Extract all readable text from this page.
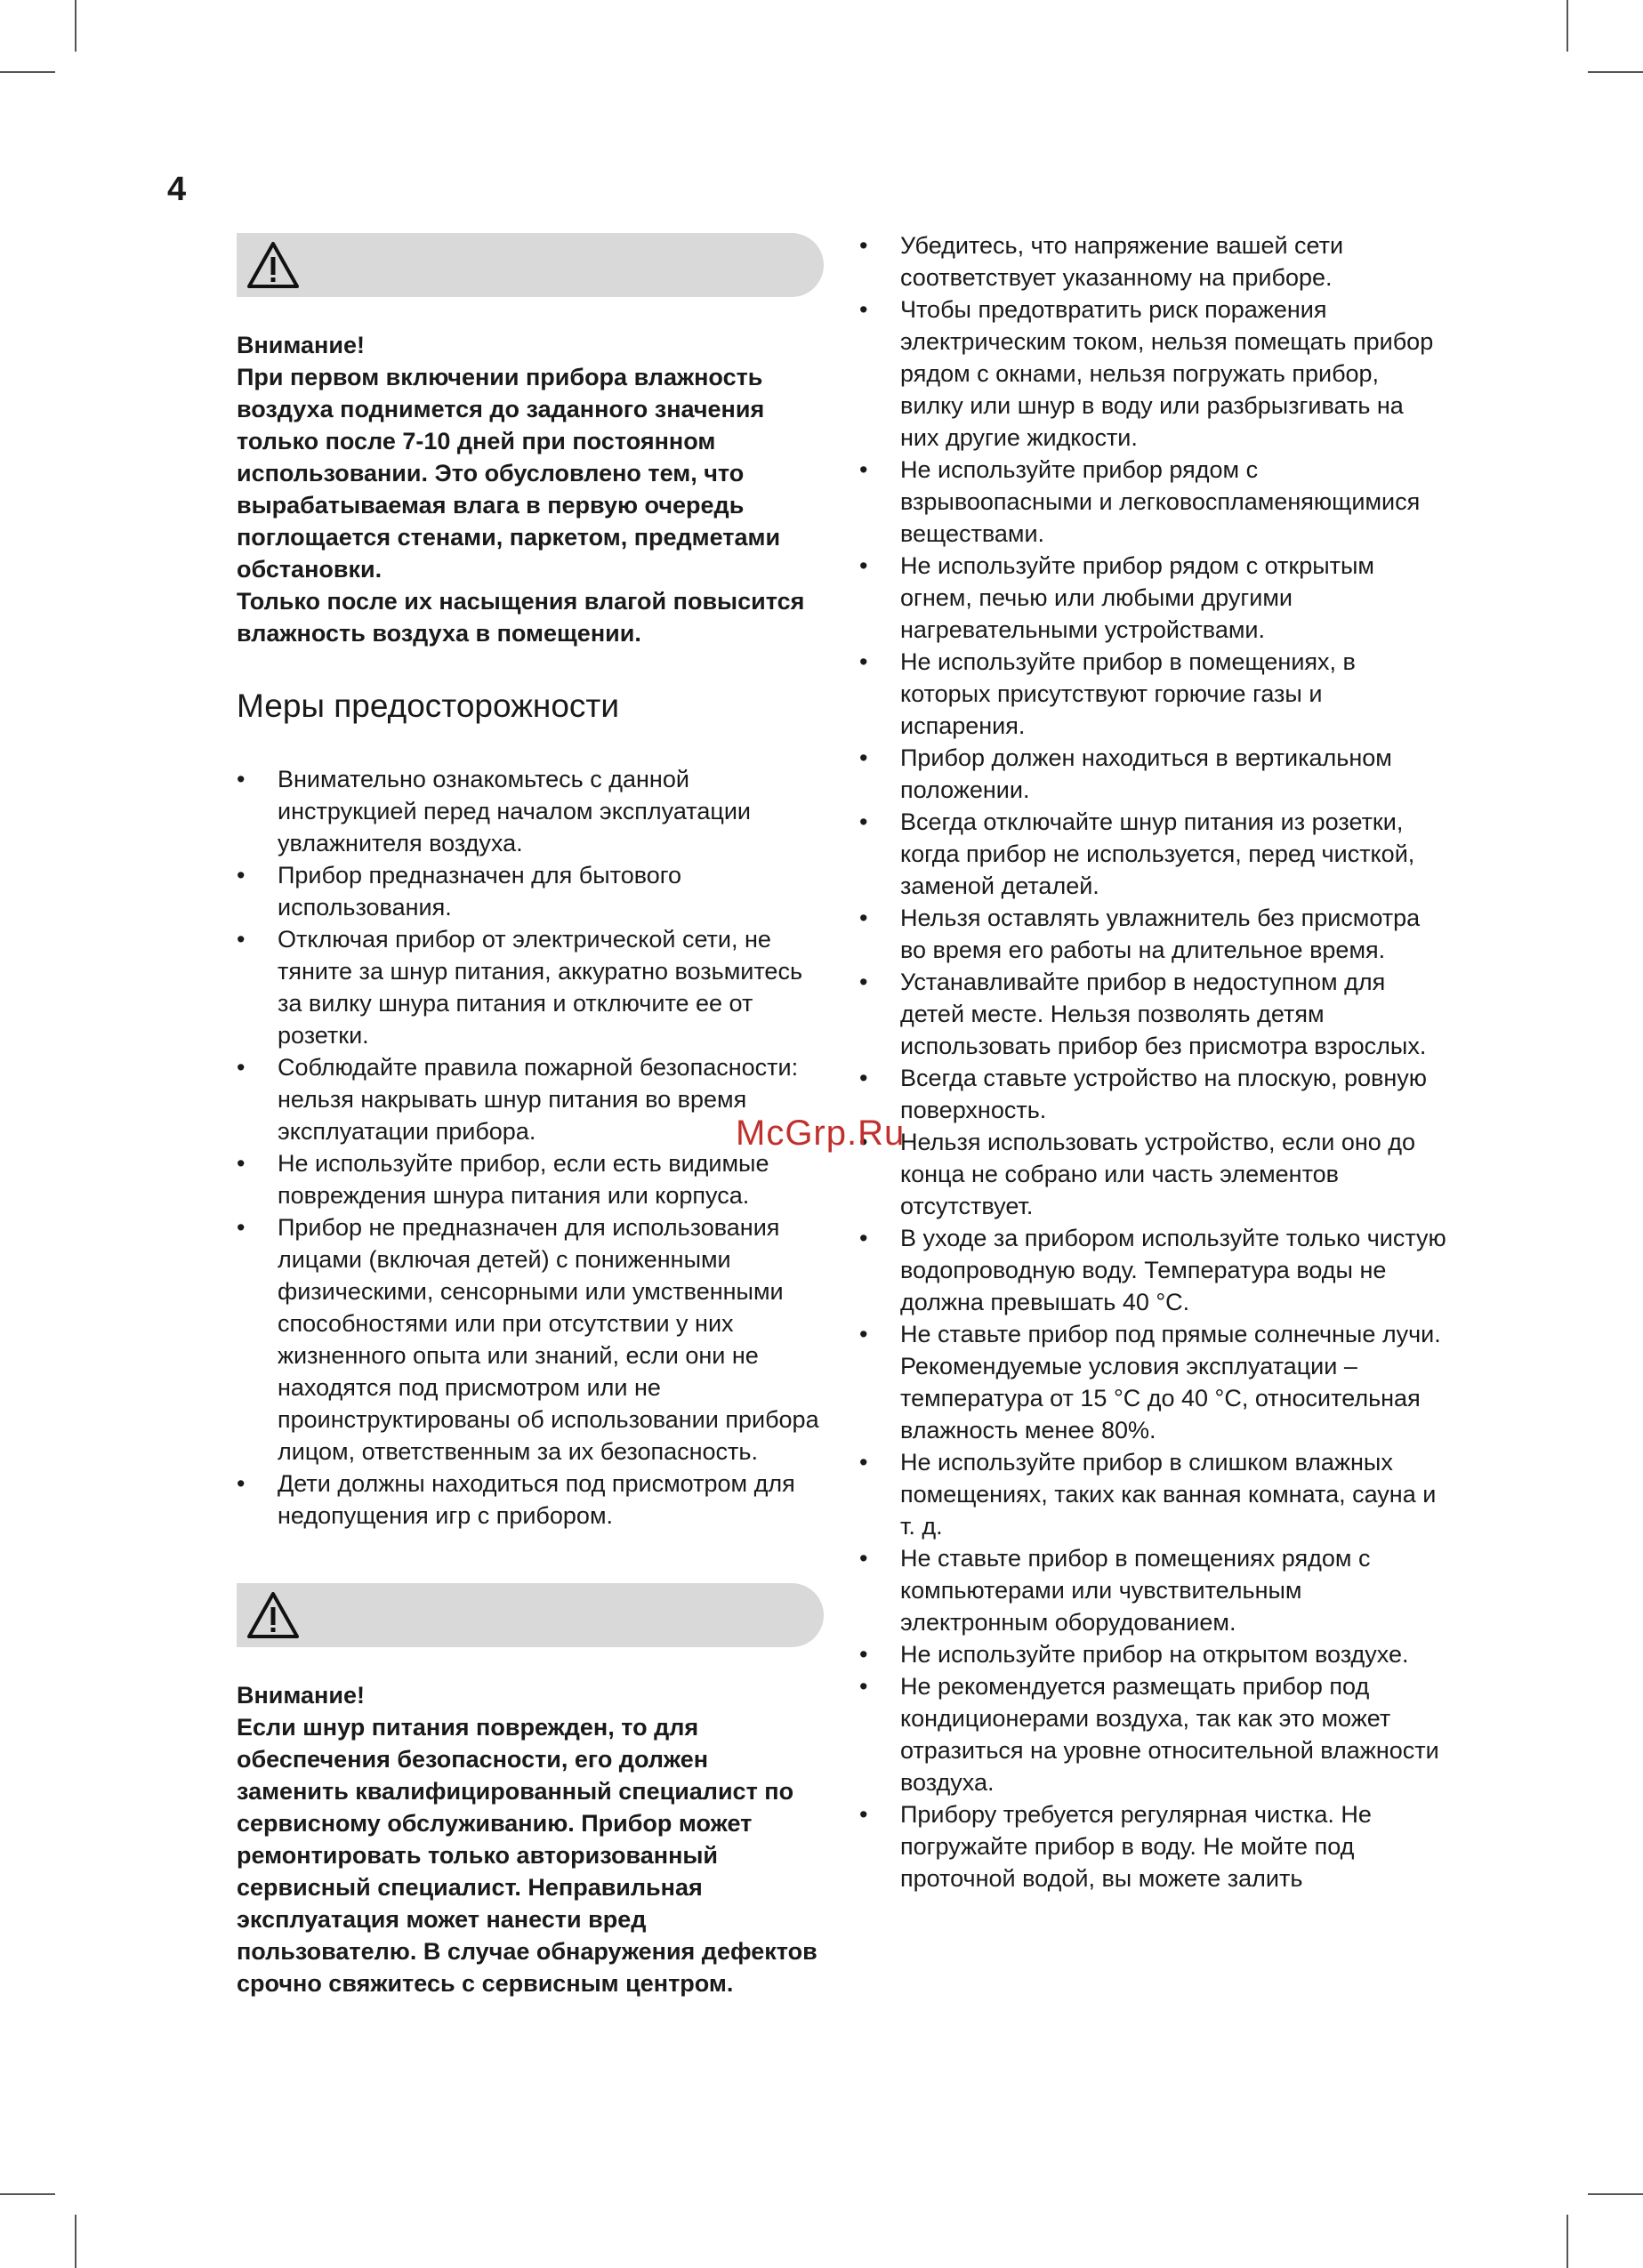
4

Внимание!

При первом включении прибора влажность воздуха поднимется до заданного значения только после 7-10 дней при постоянном использовании. Это обусловлено тем, что вырабатываемая влага в первую очередь поглощается стенами, паркетом, предметами обстановки.

Только после их насыщения влагой повысится влажность воздуха в помещении.

Меры предосторожности
• Внимательно ознакомьтесь с данной инструкцией перед началом эксплуатации увлажнителя воздуха.
• Прибор предназначен для бытового использования.
• Отключая прибор от электрической сети, не тяните за шнур питания, аккуратно возьмитесь за вилку шнура питания и отключите ее от розетки.
• Соблюдайте правила пожарной безопасности: нельзя накрывать шнур питания во время эксплуатации прибора.
• Не используйте прибор, если есть видимые повреждения шнура питания или корпуса.
• Прибор не предназначен для использования лицами (включая детей) с пониженными физическими, сенсорными или умственными способностями или при отсутствии у них жизненного опыта или знаний, если они не находятся под присмотром или не проинструктированы об использовании прибора лицом, ответственным за их безопасность.
• Дети должны находиться под присмотром для недопущения игр с прибором.

Внимание!

Если шнур питания поврежден, то для обеспечения безопасности, его должен заменить квалифицированный специалист по сервисному обслуживанию. Прибор может ремонтировать только авторизованный сервисный специалист. Неправильная эксплуатация может нанести вред пользователю. В случае обнаружения дефектов срочно свяжитесь с сервисным центром.

• Убедитесь, что напряжение вашей сети соответствует указанному на приборе.
• Чтобы предотвратить риск поражения электрическим током, нельзя помещать прибор рядом с окнами, нельзя погружать прибор, вилку или шнур в воду или разбрызгивать на них другие жидкости.
• Не используйте прибор рядом с взрывоопасными и легковоспламеняющимися веществами.
• Не используйте прибор рядом с открытым огнем, печью или любыми другими нагревательными устройствами.
• Не используйте прибор в помещениях, в которых присутствуют горючие газы и испарения.
• Прибор должен находиться в вертикальном положении.
• Всегда отключайте шнур питания из розетки, когда прибор не используется, перед чисткой, заменой деталей.
• Нельзя оставлять увлажнитель без присмотра во время его работы на длительное время.
• Устанавливайте прибор в недоступном для детей месте. Нельзя позволять детям использовать прибор без присмотра взрослых.
• Всегда ставьте устройство на плоскую, ровную поверхность.
• Нельзя использовать устройство, если оно до конца не собрано или часть элементов отсутствует.
• В уходе за прибором используйте только чистую водопроводную воду. Температура воды не должна превышать 40 °C.
• Не ставьте прибор под прямые солнечные лучи. Рекомендуемые условия эксплуатации – температура от 15 °C до 40 °C, относительная влажность менее 80%.
• Не используйте прибор в слишком влажных помещениях, таких как ванная комната, сауна и т. д.
• Не ставьте прибор в помещениях рядом с компьютерами или чувствительным электронным оборудованием.
• Не используйте прибор на открытом воздухе.
• Не рекомендуется размещать прибор под кондиционерами воздуха, так как это может отразиться на уровне относительной влажности воздуха.
• Прибору требуется регулярная чистка. Не погружайте прибор в воду. Не мойте под проточной водой, вы можете залить
McGrp.Ru
